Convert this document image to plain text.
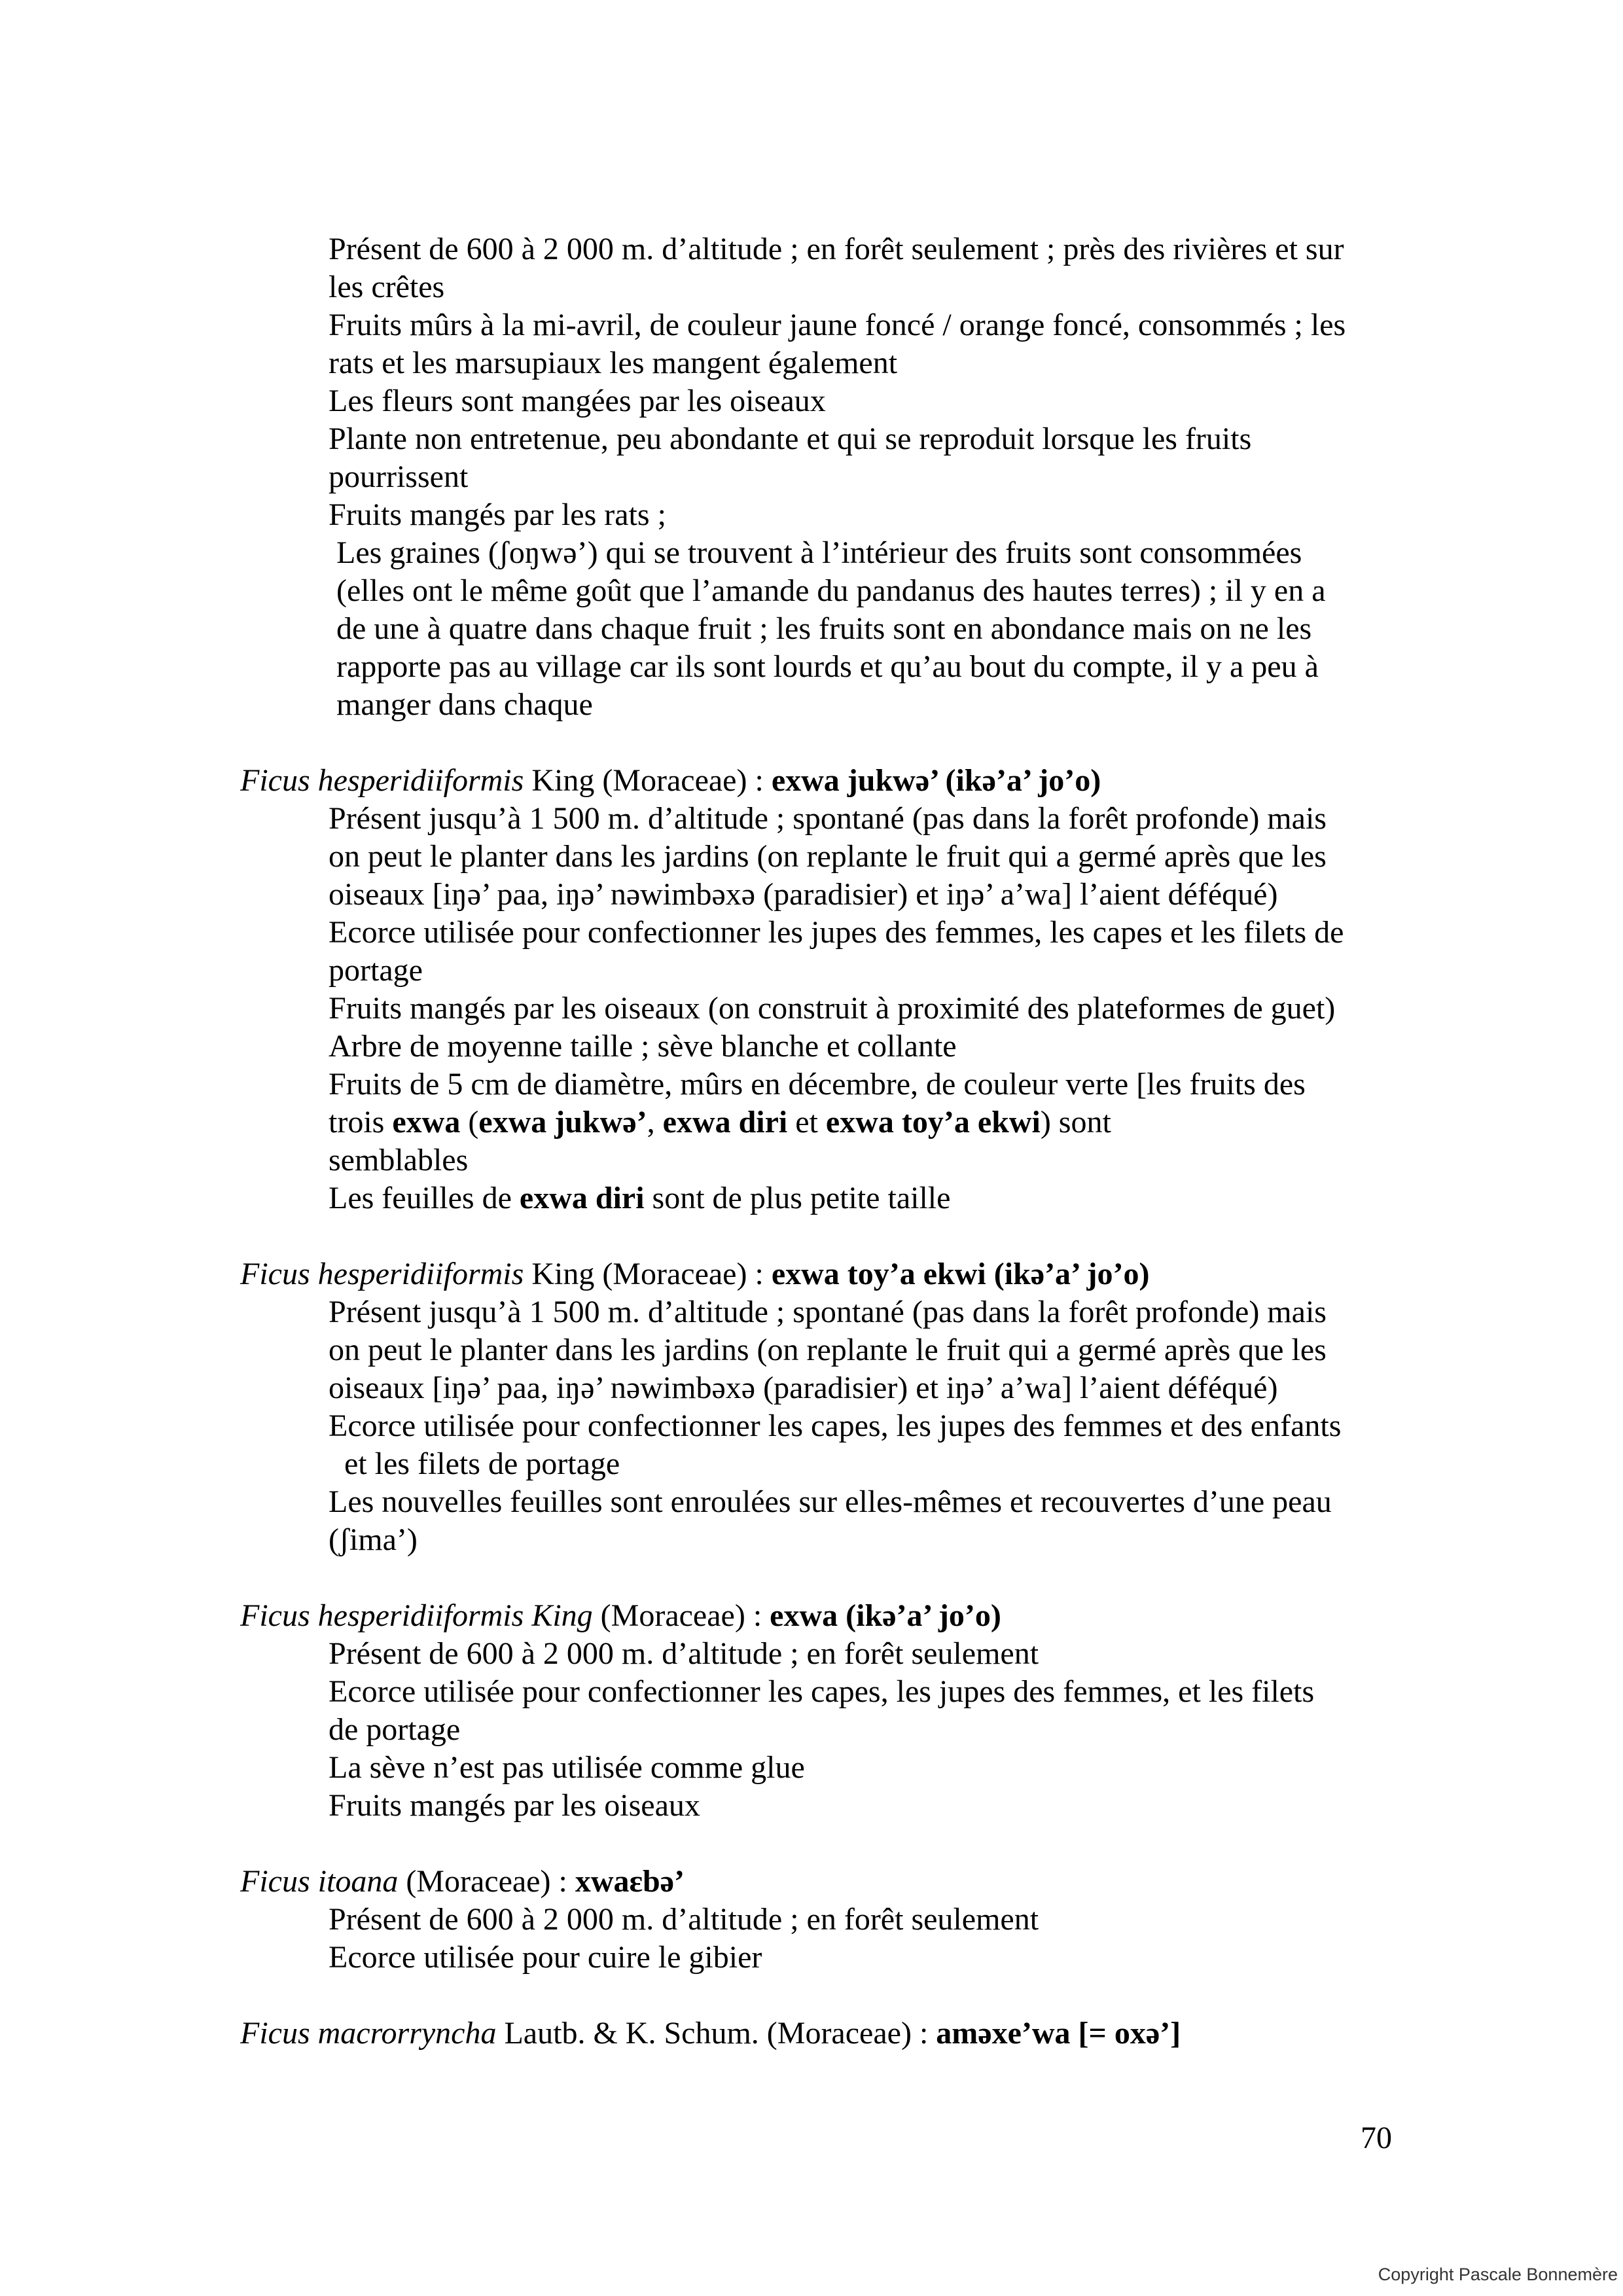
Présent de 600 à 2 000 m. d’altitude ; en forêt seulement ; près des rivières et sur
les crêtes
Fruits mûrs à la mi-avril, de couleur jaune foncé / orange foncé, consommés ; les
rats et les marsupiaux les mangent également
Les fleurs sont mangées par les oiseaux
Plante non entretenue, peu abondante et qui se reproduit lorsque les fruits
pourrissent
Fruits mangés par les rats ;
Les graines (ʃoŋwə’) qui se trouvent à l’intérieur des fruits sont consommées
(elles ont le même goût que l’amande du pandanus des hautes terres) ; il y en a
de une à quatre dans chaque fruit ; les fruits sont en abondance mais on ne les
rapporte pas au village car ils sont lourds et qu’au bout du compte, il y a peu à
manger dans chaque
Ficus hesperidiiformis King (Moraceae) : exwa jukwə’ (ikə’a’ jo’o)
Présent jusqu’à 1 500 m. d’altitude ; spontané (pas dans la forêt profonde) mais
on peut le planter dans les jardins (on replante le fruit qui a germé après que les
oiseaux [iŋə’ paa, iŋə’ nəwimbəxə (paradisier) et iŋə’ a’wa] l’aient déféqué)
Ecorce utilisée pour confectionner les jupes des femmes, les capes et les filets de
portage
Fruits mangés par les oiseaux (on construit à proximité des plateformes de guet)
Arbre de moyenne taille ; sève blanche et collante
Fruits de 5 cm de diamètre, mûrs en décembre, de couleur verte [les fruits des
trois exwa (exwa jukwə’, exwa diri et exwa toy’a ekwi) sont
semblables
Les feuilles de exwa diri sont de plus petite taille
Ficus hesperidiiformis King (Moraceae) : exwa toy’a ekwi (ikə’a’ jo’o)
Présent jusqu’à 1 500 m. d’altitude ; spontané (pas dans la forêt profonde) mais
on peut le planter dans les jardins (on replante le fruit qui a germé après que les
oiseaux [iŋə’ paa, iŋə’ nəwimbəxə (paradisier) et iŋə’ a’wa] l’aient déféqué)
Ecorce utilisée pour confectionner les capes, les jupes des femmes et des enfants
et les filets de portage
Les nouvelles feuilles sont enroulées sur elles-mêmes et recouvertes d’une peau
(ʃima’)
Ficus hesperidiiformis King (Moraceae) : exwa (ikə’a’ jo’o)
Présent de 600 à 2 000 m. d’altitude ; en forêt seulement
Ecorce utilisée pour confectionner les capes, les jupes des femmes, et les filets
de portage
La sève n’est pas utilisée comme glue
Fruits mangés par les oiseaux
Ficus itoana (Moraceae) : xwaɛbə’
Présent de 600 à 2 000 m. d’altitude ; en forêt seulement
Ecorce utilisée pour cuire le gibier
Ficus macrorryncha Lautb. & K. Schum. (Moraceae) : aməxe’wa [= oxə’]
70
Copyright Pascale Bonnemère
